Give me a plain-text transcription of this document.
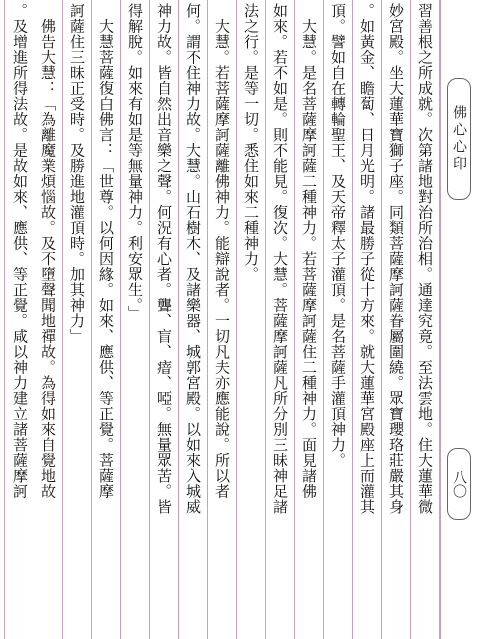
習善根之所成就。次第諸地對治所治相。通達究竟。至法雲地。住大蓮華微
妙宮殿。坐大蓮華寶獅子座。同類菩薩摩訶薩眷屬圍繞。眾寶瓔珞莊嚴其身
。如黃金、瞻蔔、日月光明。諸最勝子從十方來。就大蓮華宮殿座上而灌其
頂。譬如自在轉輪聖王、及天帝釋太子灌頂。是名菩薩手灌頂神力。
　大慧。是名菩薩摩訶薩二種神力。若菩薩摩訶薩住二種神力。面見諸佛
如來。若不如是。則不能見。復次。大慧。菩薩摩訶薩凡所分別三昧神足諸
法之行。是等一切。悉住如來二種神力。
　大慧。若菩薩摩訶薩離佛神力。能辯說者。一切凡夫亦應能說。所以者
何。謂不住神力故。大慧。山石樹木、及諸樂器、城郭宮殿。以如來入城威
神力故。皆自然出音樂之聲。何況有心者。聾、盲、瘖、啞。無量眾苦。皆
得解脫。如來有如是等無量神力。利安眾生。」
　大慧菩薩復白佛言：「世尊。以何因緣。如來、應供、等正覺。菩薩摩
訶薩住三昧正受時。及勝進地灌頂時。加其神力」
　佛告大慧：「為離魔業煩惱故。及不墮聲聞地禪故。為得如來自覺地故
。及增進所得法故。是故如來、應供、等正覺。咸以神力建立諸菩薩摩訶	佛心心印
八〇
